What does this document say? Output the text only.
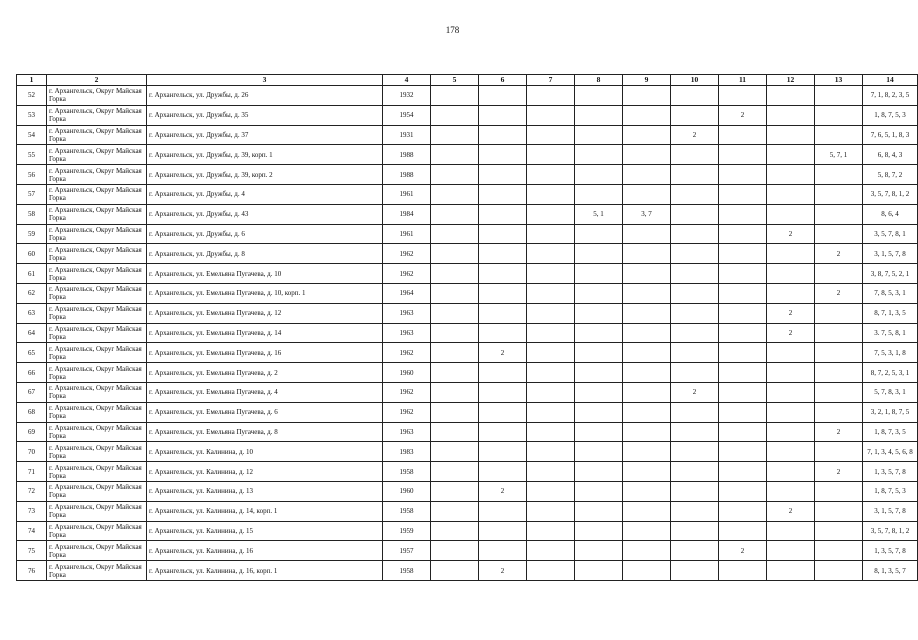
178
1	2	3	4	5	6	7	8	9	10	11	12	13	14
52	г. Архангельск, Округ Майская Горка	г. Архангельск, ул. Дружбы, д. 26	1932										7, 1, 8, 2, 3, 5
53	г. Архангельск, Округ Майская Горка	г. Архангельск, ул. Дружбы, д. 35	1954							2			1, 8, 7, 5, 3
54	г. Архангельск, Округ Майская Горка	г. Архангельск, ул. Дружбы, д. 37	1931						2				7, 6, 5, 1, 8, 3
55	г. Архангельск, Округ Майская Горка	г. Архангельск, ул. Дружбы, д. 39, корп. 1	1988									5, 7, 1	6, 8, 4, 3
56	г. Архангельск, Округ Майская Горка	г. Архангельск, ул. Дружбы, д. 39, корп. 2	1988										5, 8, 7, 2
57	г. Архангельск, Округ Майская Горка	г. Архангельск, ул. Дружбы, д. 4	1961										3, 5, 7, 8, 1, 2
58	г. Архангельск, Округ Майская Горка	г. Архангельск, ул. Дружбы, д. 43	1984				5, 1	3, 7					8, 6, 4
59	г. Архангельск, Округ Майская Горка	г. Архангельск, ул. Дружбы, д. 6	1961								2		3, 5, 7, 8, 1
60	г. Архангельск, Округ Майская Горка	г. Архангельск, ул. Дружбы, д. 8	1962									2	3, 1, 5, 7, 8
61	г. Архангельск, Округ Майская Горка	г. Архангельск, ул. Емельяна Пугачева, д. 10	1962										3, 8, 7, 5, 2, 1
62	г. Архангельск, Округ Майская Горка	г. Архангельск, ул. Емельяна Пугачева, д. 10, корп. 1	1964									2	7, 8, 5, 3, 1
63	г. Архангельск, Округ Майская Горка	г. Архангельск, ул. Емельяна Пугачева, д. 12	1963								2		8, 7, 1, 3, 5
64	г. Архангельск, Округ Майская Горка	г. Архангельск, ул. Емельяна Пугачева, д. 14	1963								2		3. 7, 5, 8, 1
65	г. Архангельск, Округ Майская Горка	г. Архангельск, ул. Емельяна Пугачева, д. 16	1962		2								7, 5, 3, 1, 8
66	г. Архангельск, Округ Майская Горка	г. Архангельск, ул. Емельяна Пугачева, д. 2	1960										8, 7, 2, 5, 3, 1
67	г. Архангельск, Округ Майская Горка	г. Архангельск, ул. Емельяна Пугачева, д. 4	1962						2				5, 7, 8, 3, 1
68	г. Архангельск, Округ Майская Горка	г. Архангельск, ул. Емельяна Пугачева, д. 6	1962										3, 2, 1, 8, 7, 5
69	г. Архангельск, Округ Майская Горка	г. Архангельск, ул. Емельяна Пугачева, д. 8	1963									2	1, 8, 7, 3, 5
70	г. Архангельск, Округ Майская Горка	г. Архангельск, ул. Калинина, д. 10	1983										7, 1, 3, 4, 5, 6, 8
71	г. Архангельск, Округ Майская Горка	г. Архангельск, ул. Калинина, д. 12	1958									2	1, 3, 5, 7, 8
72	г. Архангельск, Округ Майская Горка	г. Архангельск, ул. Калинина, д. 13	1960		2								1, 8, 7, 5, 3
73	г. Архангельск, Округ Майская Горка	г. Архангельск, ул. Калинина, д. 14, корп. 1	1958								2		3, 1, 5, 7, 8
74	г. Архангельск, Округ Майская Горка	г. Архангельск, ул. Калинина, д. 15	1959										3, 5, 7, 8, 1, 2
75	г. Архангельск, Округ Майская Горка	г. Архангельск, ул. Калинина, д. 16	1957							2			1, 3, 5, 7, 8
76	г. Архангельск, Округ Майская Горка	г. Архангельск, ул. Калинина, д. 16, корп. 1	1958		2								8, 1, 3, 5, 7
